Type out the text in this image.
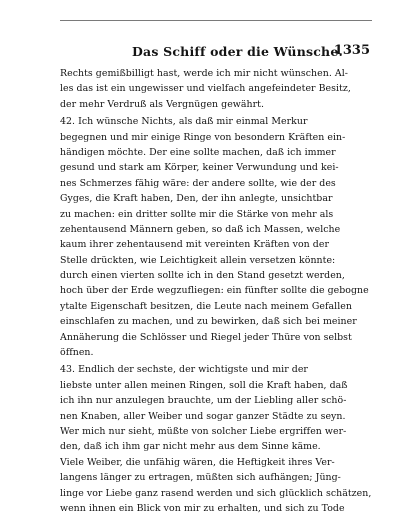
Das Schiff oder die Wünsche.
1335
Rechts gemißbilligt hast, werde ich mir nicht wünschen. Al-
les das ist ein ungewisser und vielfach angefeindeter Besitz,
der mehr Verdruß als Vergnügen gewährt.
42. Ich wünsche Nichts, als daß mir einmal Merkur
begegnen und mir einige Ringe von besondern Kräften ein-
händigen möchte. Der eine sollte machen, daß ich immer
gesund und stark am Körper, keiner Verwundung und kei-
nes Schmerzes fähig wäre: der andere sollte, wie der des
Gyges, die Kraft haben, Den, der ihn anlegte, unsichtbar
zu machen: ein dritter sollte mir die Stärke von mehr als
zehentausend Männern geben, so daß ich Massen, welche
kaum ihrer zehentausend mit vereinten Kräften von der
Stelle drückten, wie Leichtigkeit allein versetzen könnte:
durch einen vierten sollte ich in den Stand gesetzt werden,
hoch über der Erde wegzufliegen: ein fünfter sollte die gebogne
ytalte Eigenschaft besitzen, die Leute nach meinem Gefallen
einschlafen zu machen, und zu bewirken, daß sich bei meiner
Annäherung die Schlösser und Riegel jeder Thüre von selbst
öffnen.
43. Endlich der sechste, der wichtigste und mir der
liebste unter allen meinen Ringen, soll die Kraft haben, daß
ich ihn nur anzulegen brauchte, um der Liebling aller schö-
nen Knaben, aller Weiber und sogar ganzer Städte zu seyn.
Wer mich nur sieht, müßte von solcher Liebe ergriffen wer-
den, daß ich ihm gar nicht mehr aus dem Sinne käme.
Viele Weiber, die unfähig wären, die Heftigkeit ihres Ver-
langens länger zu ertragen, müßten sich aufhängen; Jüng-
linge vor Liebe ganz rasend werden und sich glücklich schätzen,
wenn ihnen ein Blick von mir zu erhalten, und sich zu Tode
